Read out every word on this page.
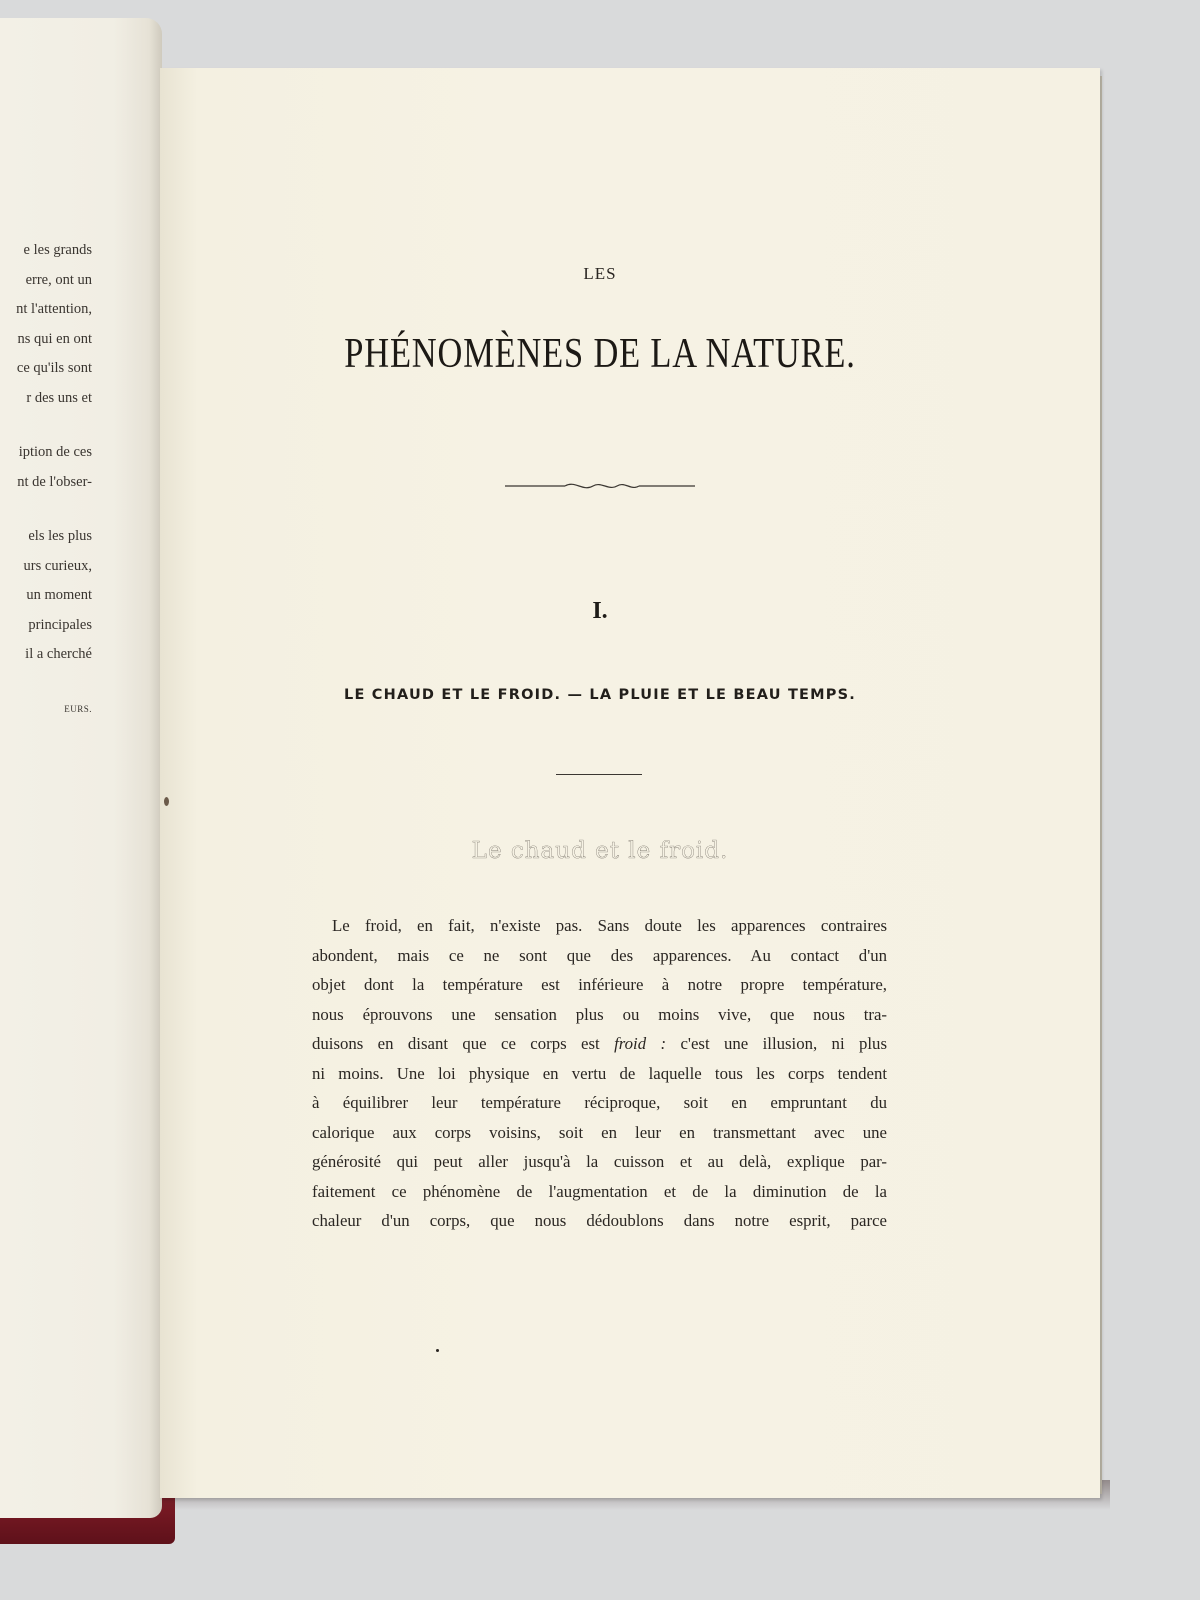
e les grands
erre, ont un
nt l'attention,
ns qui en ont
ce qu'ils sont
r des uns et
iption de ces
nt de l'obser-
els les plus
urs curieux,
un moment
principales
il a cherché
EURS.
LES
PHÉNOMÈNES DE LA NATURE.
I.
LE CHAUD ET LE FROID. — LA PLUIE ET LE BEAU TEMPS.
Le chaud et le froid.
Le froid, en fait, n'existe pas. Sans doute les apparences contraires
abondent, mais ce ne sont que des apparences. Au contact d'un
objet dont la température est inférieure à notre propre température,
nous éprouvons une sensation plus ou moins vive, que nous tra-
duisons en disant que ce corps est froid : c'est une illusion, ni plus
ni moins. Une loi physique en vertu de laquelle tous les corps tendent
à équilibrer leur température réciproque, soit en empruntant du
calorique aux corps voisins, soit en leur en transmettant avec une
générosité qui peut aller jusqu'à la cuisson et au delà, explique par-
faitement ce phénomène de l'augmentation et de la diminution de la
chaleur d'un corps, que nous dédoublons dans notre esprit, parce
